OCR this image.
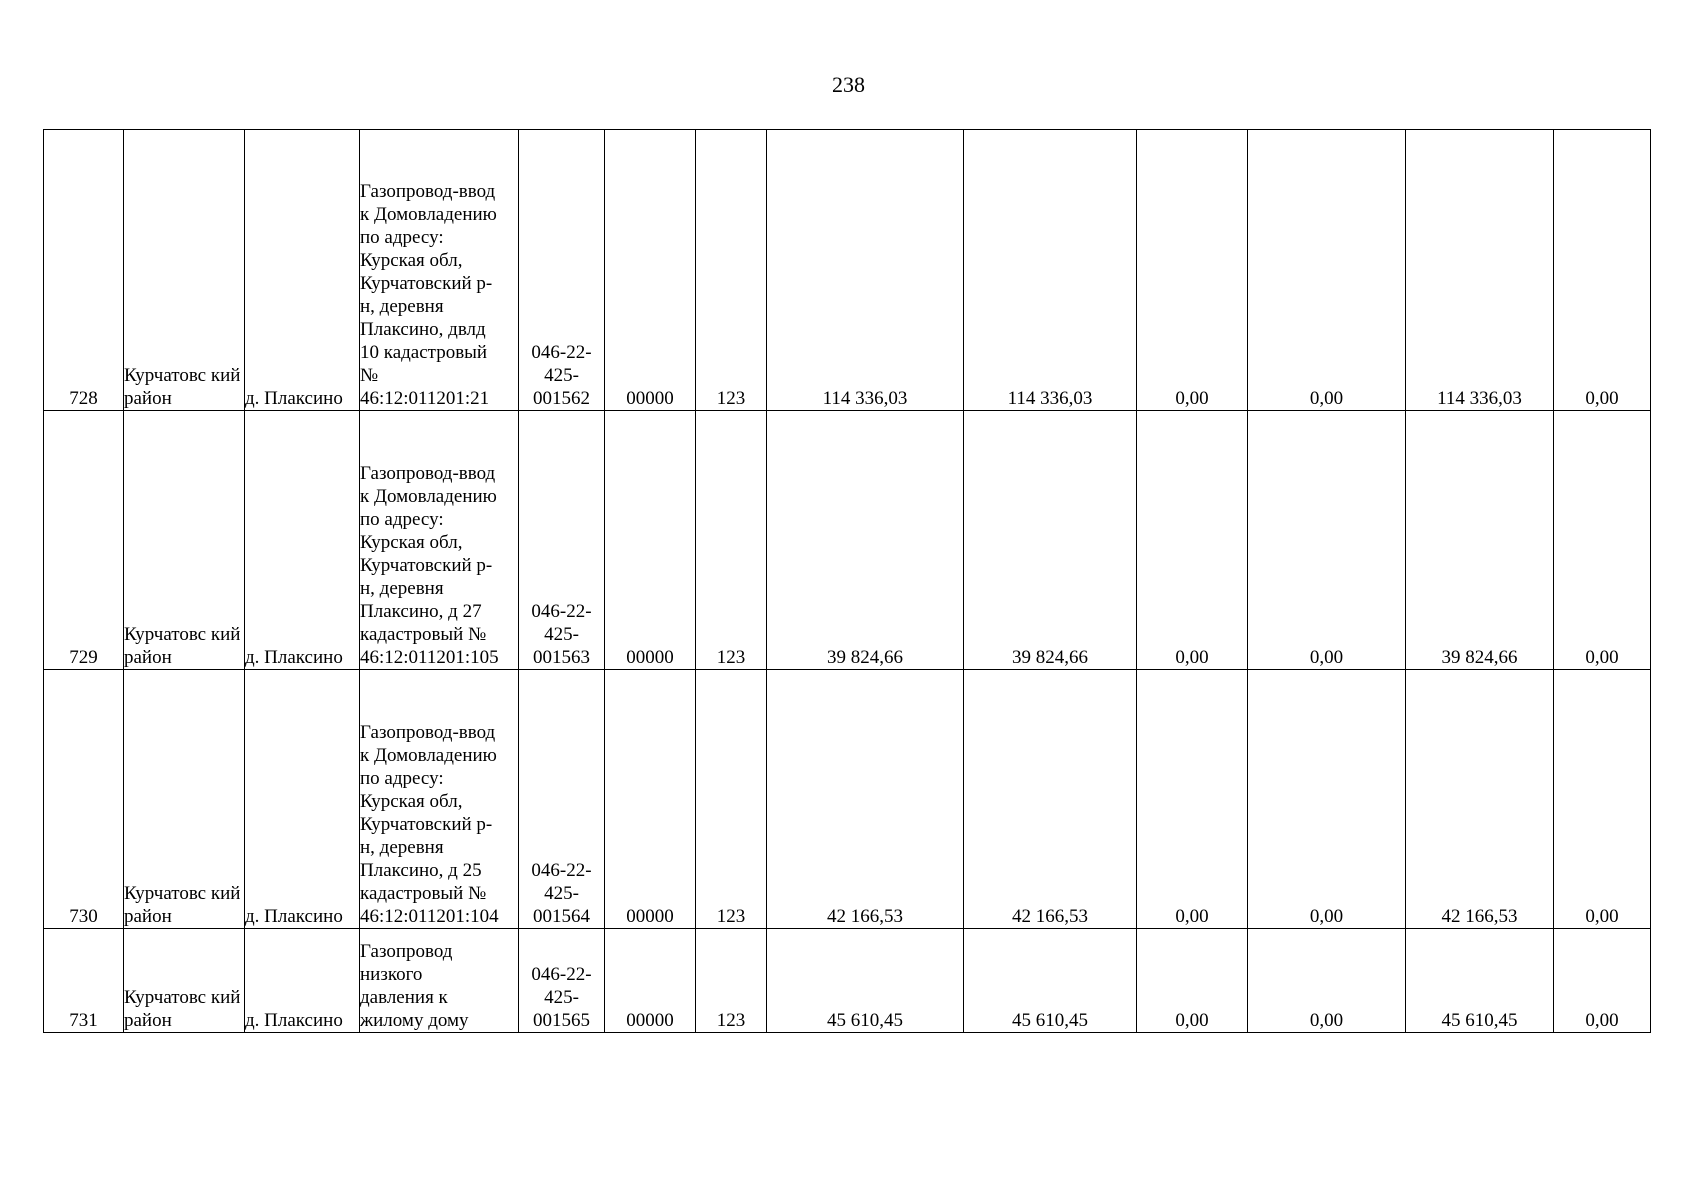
238
728	Курчатовс кий район	д. Плаксино	Газопровод-ввод к Домовладению по адресу: Курская обл, Курчатовский р-н, деревня Плаксино, двлд 10 кадастровый № 46:12:011201:21	046-22-425-001562	00000	123	114 336,03	114 336,03	0,00	0,00	114 336,03	0,00
729	Курчатовс кий район	д. Плаксино	Газопровод-ввод к Домовладению по адресу: Курская обл, Курчатовский р-н, деревня Плаксино, д 27 кадастровый № 46:12:011201:105	046-22-425-001563	00000	123	39 824,66	39 824,66	0,00	0,00	39 824,66	0,00
730	Курчатовс кий район	д. Плаксино	Газопровод-ввод к Домовладению по адресу: Курская обл, Курчатовский р-н, деревня Плаксино, д 25 кадастровый № 46:12:011201:104	046-22-425-001564	00000	123	42 166,53	42 166,53	0,00	0,00	42 166,53	0,00
731	Курчатовс кий район	д. Плаксино	Газопровод низкого давления к жилому дому	046-22-425-001565	00000	123	45 610,45	45 610,45	0,00	0,00	45 610,45	0,00
